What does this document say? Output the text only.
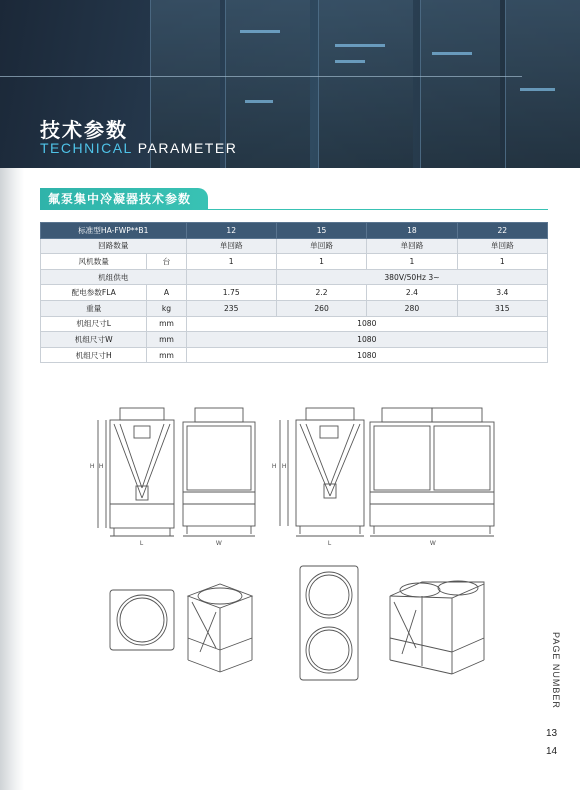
技术参数
TECHNICAL PARAMETER
氟泵集中冷凝器技术参数
标准型HA-FWP**B1		12	15	18	22
回路数量		单回路	单回路	单回路	单回路
风机数量	台	1	1	1	1
机组供电			380V/50Hz 3~		
配电参数FLA	A	1.75	2.2	2.4	3.4
重量	kg	235	260	280	315
机组尺寸L	mm	1080			
机组尺寸W	mm	1080			
机组尺寸H	mm	1080			
H H
L	W
H H
L	W
PAGE NUMBER
13
14
